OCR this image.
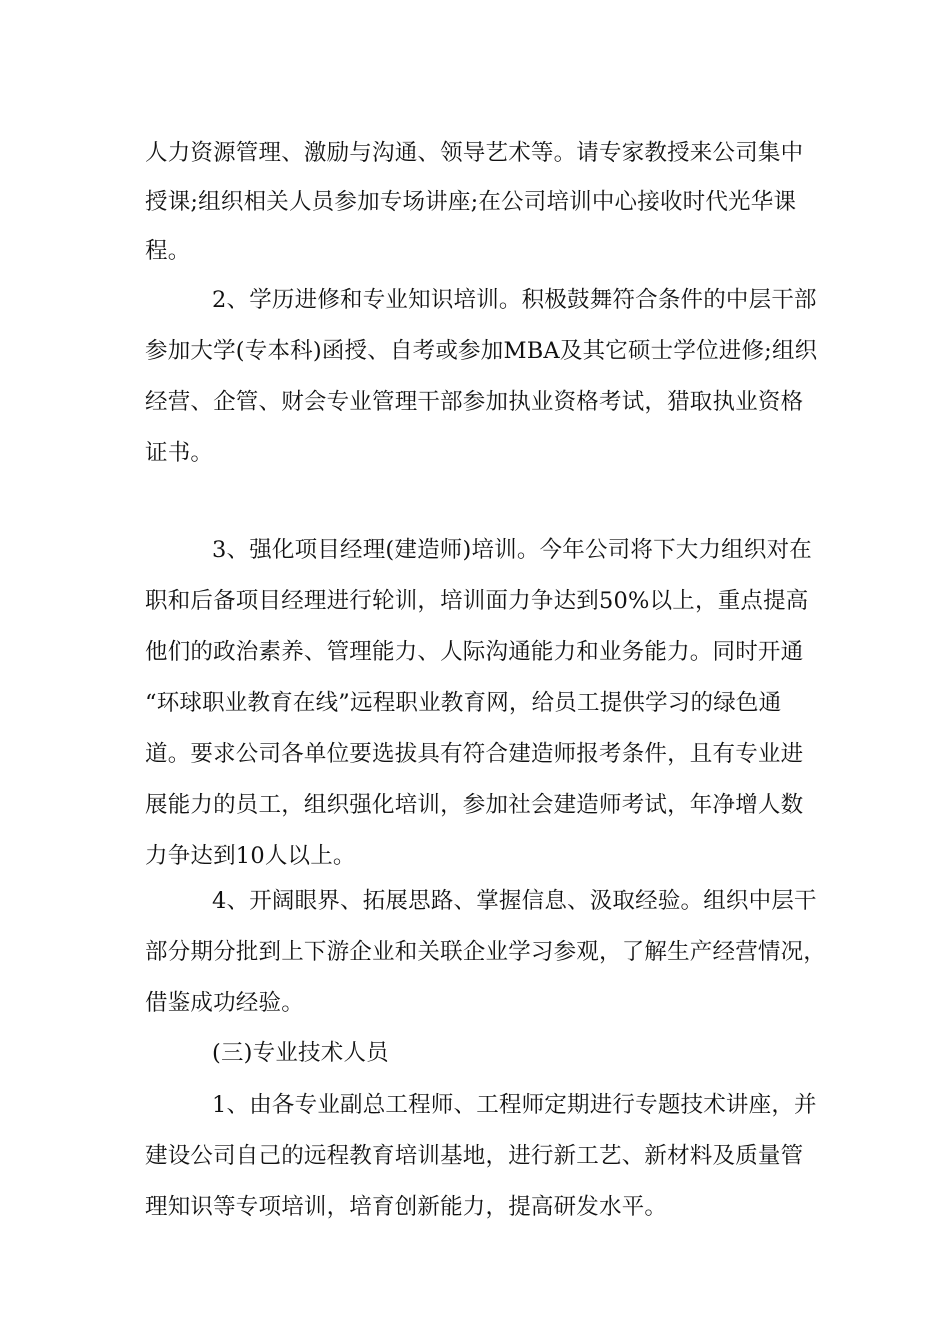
人力资源管理、激励与沟通、领导艺术等。请专家教授来公司集中
授课;组织相关人员参加专场讲座;在公司培训中心接收时代光华课
程。
2、学历进修和专业知识培训。积极鼓舞符合条件的中层干部
参加大学(专本科)函授、自考或参加MBA及其它硕士学位进修;组织
经营、企管、财会专业管理干部参加执业资格考试，猎取执业资格
证书。
3、强化项目经理(建造师)培训。今年公司将下大力组织对在
职和后备项目经理进行轮训，培训面力争达到50%以上，重点提高
他们的政治素养、管理能力、人际沟通能力和业务能力。同时开通
“环球职业教育在线”远程职业教育网，给员工提供学习的绿色通
道。要求公司各单位要选拔具有符合建造师报考条件，且有专业进
展能力的员工，组织强化培训，参加社会建造师考试，年净增人数
力争达到10人以上。
4、开阔眼界、拓展思路、掌握信息、汲取经验。组织中层干
部分期分批到上下游企业和关联企业学习参观，了解生产经营情况，
借鉴成功经验。
(三)专业技术人员
1、由各专业副总工程师、工程师定期进行专题技术讲座，并
建设公司自己的远程教育培训基地，进行新工艺、新材料及质量管
理知识等专项培训，培育创新能力，提高研发水平。
